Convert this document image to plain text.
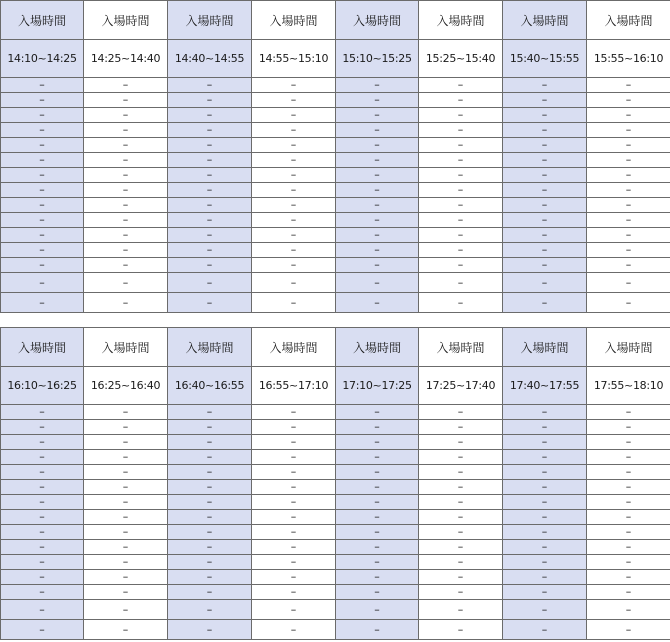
入場時間	入場時間	入場時間	入場時間	入場時間	入場時間	入場時間	入場時間
14:10~14:25	14:25~14:40	14:40~14:55	14:55~15:10	15:10~15:25	15:25~15:40	15:40~15:55	15:55~16:10
–	–	–	–	–	–	–	–
–	–	–	–	–	–	–	–
–	–	–	–	–	–	–	–
–	–	–	–	–	–	–	–
–	–	–	–	–	–	–	–
–	–	–	–	–	–	–	–
–	–	–	–	–	–	–	–
–	–	–	–	–	–	–	–
–	–	–	–	–	–	–	–
–	–	–	–	–	–	–	–
–	–	–	–	–	–	–	–
–	–	–	–	–	–	–	–
–	–	–	–	–	–	–	–
–	–	–	–	–	–	–	–
–	–	–	–	–	–	–	–
入場時間	入場時間	入場時間	入場時間	入場時間	入場時間	入場時間	入場時間
16:10~16:25	16:25~16:40	16:40~16:55	16:55~17:10	17:10~17:25	17:25~17:40	17:40~17:55	17:55~18:10
–	–	–	–	–	–	–	–
–	–	–	–	–	–	–	–
–	–	–	–	–	–	–	–
–	–	–	–	–	–	–	–
–	–	–	–	–	–	–	–
–	–	–	–	–	–	–	–
–	–	–	–	–	–	–	–
–	–	–	–	–	–	–	–
–	–	–	–	–	–	–	–
–	–	–	–	–	–	–	–
–	–	–	–	–	–	–	–
–	–	–	–	–	–	–	–
–	–	–	–	–	–	–	–
–	–	–	–	–	–	–	–
–	–	–	–	–	–	–	–
